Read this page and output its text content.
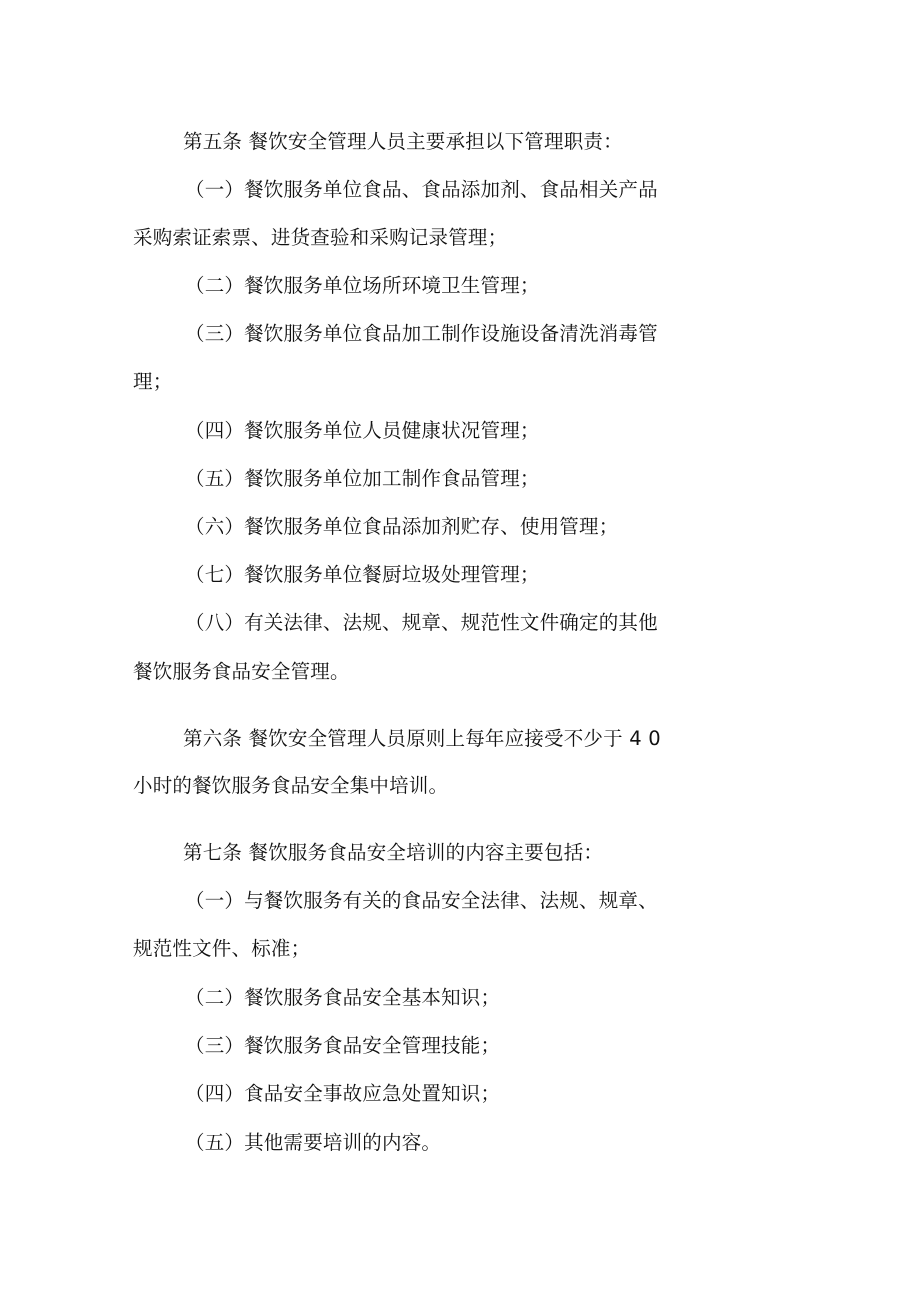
第五条 餐饮安全管理人员主要承担以下管理职责：
（一）餐饮服务单位食品、食品添加剂、食品相关产品
采购索证索票、进货查验和采购记录管理；
（二）餐饮服务单位场所环境卫生管理；
（三）餐饮服务单位食品加工制作设施设备清洗消毒管
理；
（四）餐饮服务单位人员健康状况管理；
（五）餐饮服务单位加工制作食品管理；
（六）餐饮服务单位食品添加剂贮存、使用管理；
（七）餐饮服务单位餐厨垃圾处理管理；
（八）有关法律、法规、规章、规范性文件确定的其他
餐饮服务食品安全管理。
第六条 餐饮安全管理人员原则上每年应接受不少于 4 0
小时的餐饮服务食品安全集中培训。
第七条 餐饮服务食品安全培训的内容主要包括：
（一）与餐饮服务有关的食品安全法律、法规、规章、
规范性文件、标准；
（二）餐饮服务食品安全基本知识；
（三）餐饮服务食品安全管理技能；
（四）食品安全事故应急处置知识；
（五）其他需要培训的内容。
